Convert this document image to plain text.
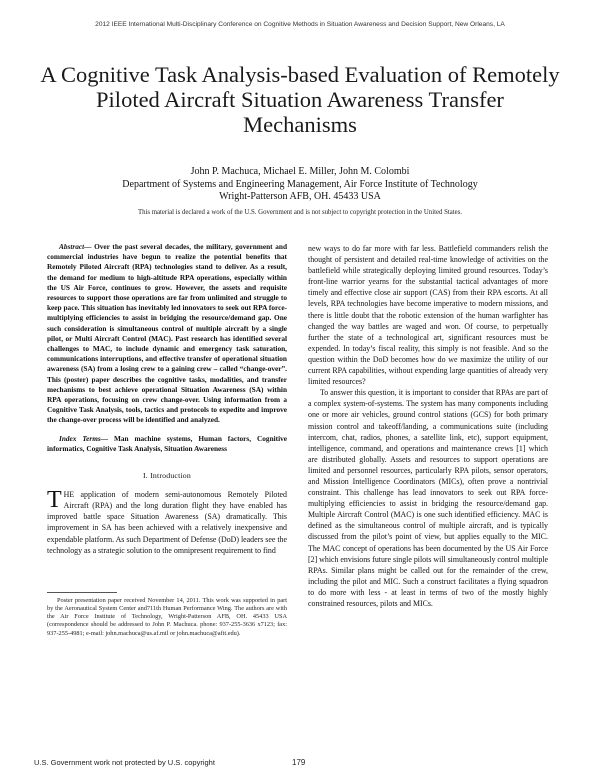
2012 IEEE International Multi-Disciplinary Conference on Cognitive Methods in Situation Awareness and Decision Support, New Orleans, LA
A Cognitive Task Analysis-based Evaluation of Remotely Piloted Aircraft Situation Awareness Transfer Mechanisms
John P. Machuca, Michael E. Miller, John M. Colombi
Department of Systems and Engineering Management, Air Force Institute of Technology
Wright-Patterson AFB, OH. 45433 USA
This material is declared a work of the U.S. Government and is not subject to copyright protection in the United States.

Abstract— Over the past several decades, the military, government and commercial industries have begun to realize the potential benefits that Remotely Piloted Aircraft (RPA) technologies stand to deliver. As a result, the demand for medium to high-altitude RPA operations, especially within the US Air Force, continues to grow. However, the assets and requisite resources to support those operations are far from unlimited and struggle to keep pace. This situation has inevitably led innovators to seek out RPA force-multiplying efficiencies to assist in bridging the resource/demand gap. One such consideration is simultaneous control of multiple aircraft by a single pilot, or Multi Aircraft Control (MAC). Past research has identified several challenges to MAC, to include dynamic and emergency task saturation, communications interruptions, and effective transfer of operational situation awareness (SA) from a losing crew to a gaining crew – called “change-over”. This (poster) paper describes the cognitive tasks, modalities, and transfer mechanisms to best achieve operational Situation Awareness (SA) within RPA operations, focusing on crew change-over. Using information from a Cognitive Task Analysis, tools, tactics and protocols to expedite and improve the change-over process will be identified and analyzed.

Index Terms— Man machine systems, Human factors, Cognitive informatics, Cognitive Task Analysis, Situation Awareness

I. Introduction

THE application of modern semi-autonomous Remotely Piloted Aircraft (RPA) and the long duration flight they have enabled has improved battle space Situation Awareness (SA) dramatically. This improvement in SA has been achieved with a relatively inexpensive and expendable platform. As such Department of Defense (DoD) leaders see the technology as a strategic solution to the omnipresent requirement to find

Poster presentation paper received November 14, 2011. This work was supported in part by the Aeronautical System Center and711th Human Performance Wing. The authors are with the Air Force Institute of Technology, Wright-Patterson AFB, OH. 45433 USA (correspondence should be addressed to John P. Machuca. phone: 937-255-3636 x7123; fax: 937-255-4981; e-mail: john.machuca@us.af.mil or john.machuca@afit.edu).

new ways to do far more with far less. Battlefield commanders relish the thought of persistent and detailed real-time knowledge of activities on the battlefield while strategically deploying limited ground resources. Today’s front-line warrior yearns for the substantial tactical advantages of more timely and effective close air support (CAS) from their RPA escorts. At all levels, RPA technologies have become imperative to modern missions, and there is little doubt that the robotic extension of the human warfighter has changed the way battles are waged and won. Of course, to perpetually further the state of a technological art, significant resources must be expended. In today’s fiscal reality, this simply is not feasible. And so the question within the DoD becomes how do we maximize the utility of our current RPA capabilities, without expending large quantities of already very limited resources?

To answer this question, it is important to consider that RPAs are part of a complex system-of-systems. The system has many components including one or more air vehicles, ground control stations (GCS) for both primary mission control and takeoff/landing, a communications suite (including intercom, chat, radios, phones, a satellite link, etc), support equipment, intelligence, command, and operations and maintenance crews [1] which are distributed globally. Assets and resources to support operations are limited and personnel resources, particularly RPA pilots, sensor operators, and Mission Intelligence Coordinators (MICs), often prove a nontrivial constraint. This challenge has lead innovators to seek out RPA force-multiplying efficiencies to assist in bridging the resource/demand gap. Multiple Aircraft Control (MAC) is one such identified efficiency. MAC is defined as the simultaneous control of multiple aircraft, and is typically discussed from the pilot’s point of view, but applies equally to the MIC. The MAC concept of operations has been documented by the US Air Force [2] which envisions future single pilots will simultaneously control multiple RPAs. Similar plans might be called out for the remainder of the crew, including the pilot and MIC. Such a construct facilitates a flying squadron to do more with less - at least in terms of two of the mostly highly constrained resources, pilots and MICs.

U.S. Government work not protected by U.S. copyright	179
